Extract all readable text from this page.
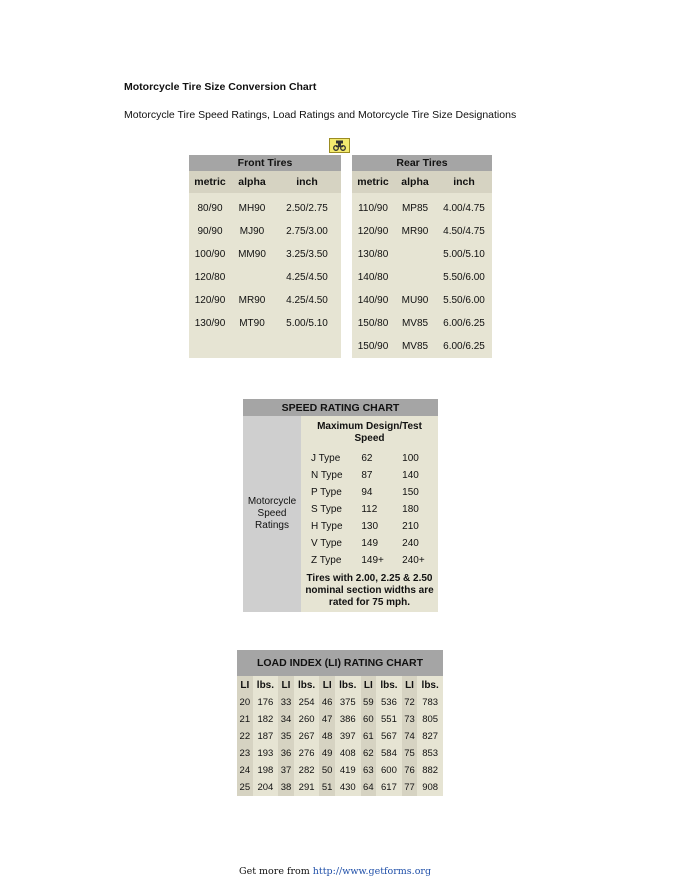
Motorcycle Tire Size Conversion Chart
Motorcycle Tire Speed Ratings, Load Ratings and Motorcycle Tire Size Designations
Front Tires		
metric	alpha	inch
80/90	MH90	2.50/2.75
90/90	MJ90	2.75/3.00
100/90	MM90	3.25/3.50
120/80		4.25/4.50
120/90	MR90	4.25/4.50
130/90	MT90	5.00/5.10

Rear Tires		
metric	alpha	inch
110/90	MP85	4.00/4.75
120/90	MR90	4.50/4.75
130/80		5.00/5.10
140/80		5.50/6.00
140/90	MU90	5.50/6.00
150/80	MV85	6.00/6.25
150/90	MV85	6.00/6.25
SPEED RATING CHART			
Motorcycle Speed Ratings	Maximum Design/Test Speed		
	J Type	62	100
	N Type	87	140
	P Type	94	150
	S Type	112	180
	H Type	130	210
	V Type	149	240
	Z Type	149+	240+
	Tires with 2.00, 2.25 & 2.50 nominal section widths are rated for 75 mph.		
LOAD INDEX (LI) RATING CHART									
LI	lbs.	LI	lbs.	LI	lbs.	LI	lbs.	LI	lbs.
20	176	33	254	46	375	59	536	72	783
21	182	34	260	47	386	60	551	73	805
22	187	35	267	48	397	61	567	74	827
23	193	36	276	49	408	62	584	75	853
24	198	37	282	50	419	63	600	76	882
25	204	38	291	51	430	64	617	77	908
Get more from http://www.getforms.org
